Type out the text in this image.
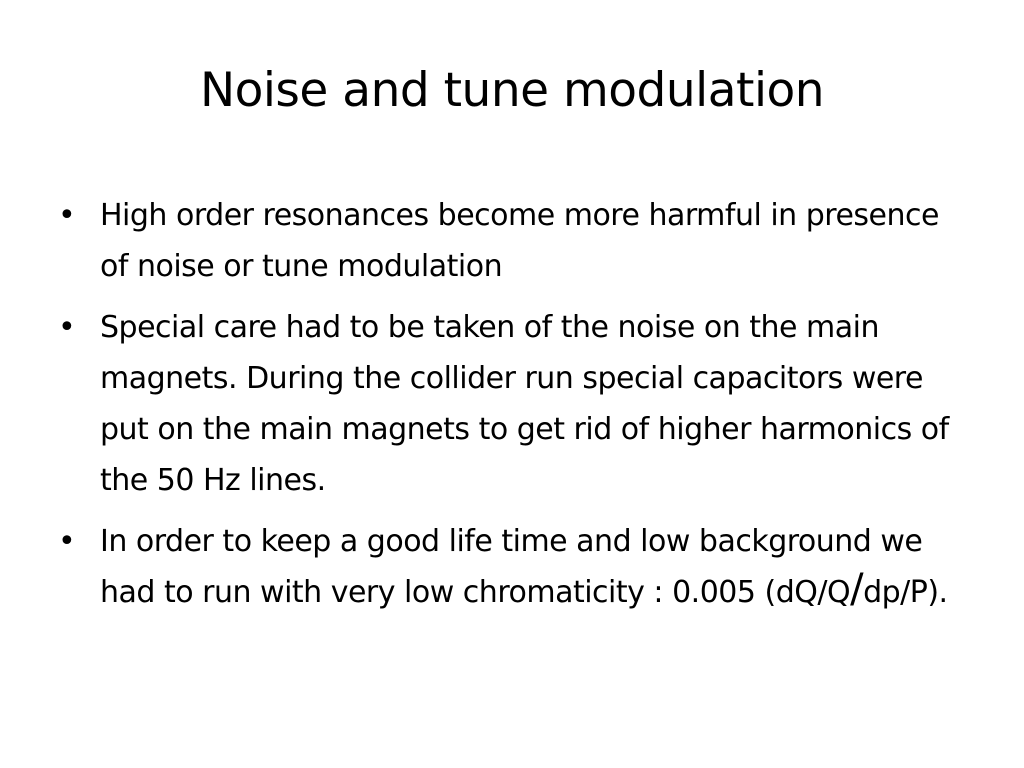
Noise and tune modulation
• High order resonances become more harmful in presence of noise or tune modulation
• Special care had to be taken of the noise on the main magnets. During the collider run special capacitors were put on the main magnets to get rid of higher harmonics of the 50 Hz lines.
• In order to keep a good life time and low background we had to run with very low chromaticity : 0.005 (dQ/Q/dp/P).
